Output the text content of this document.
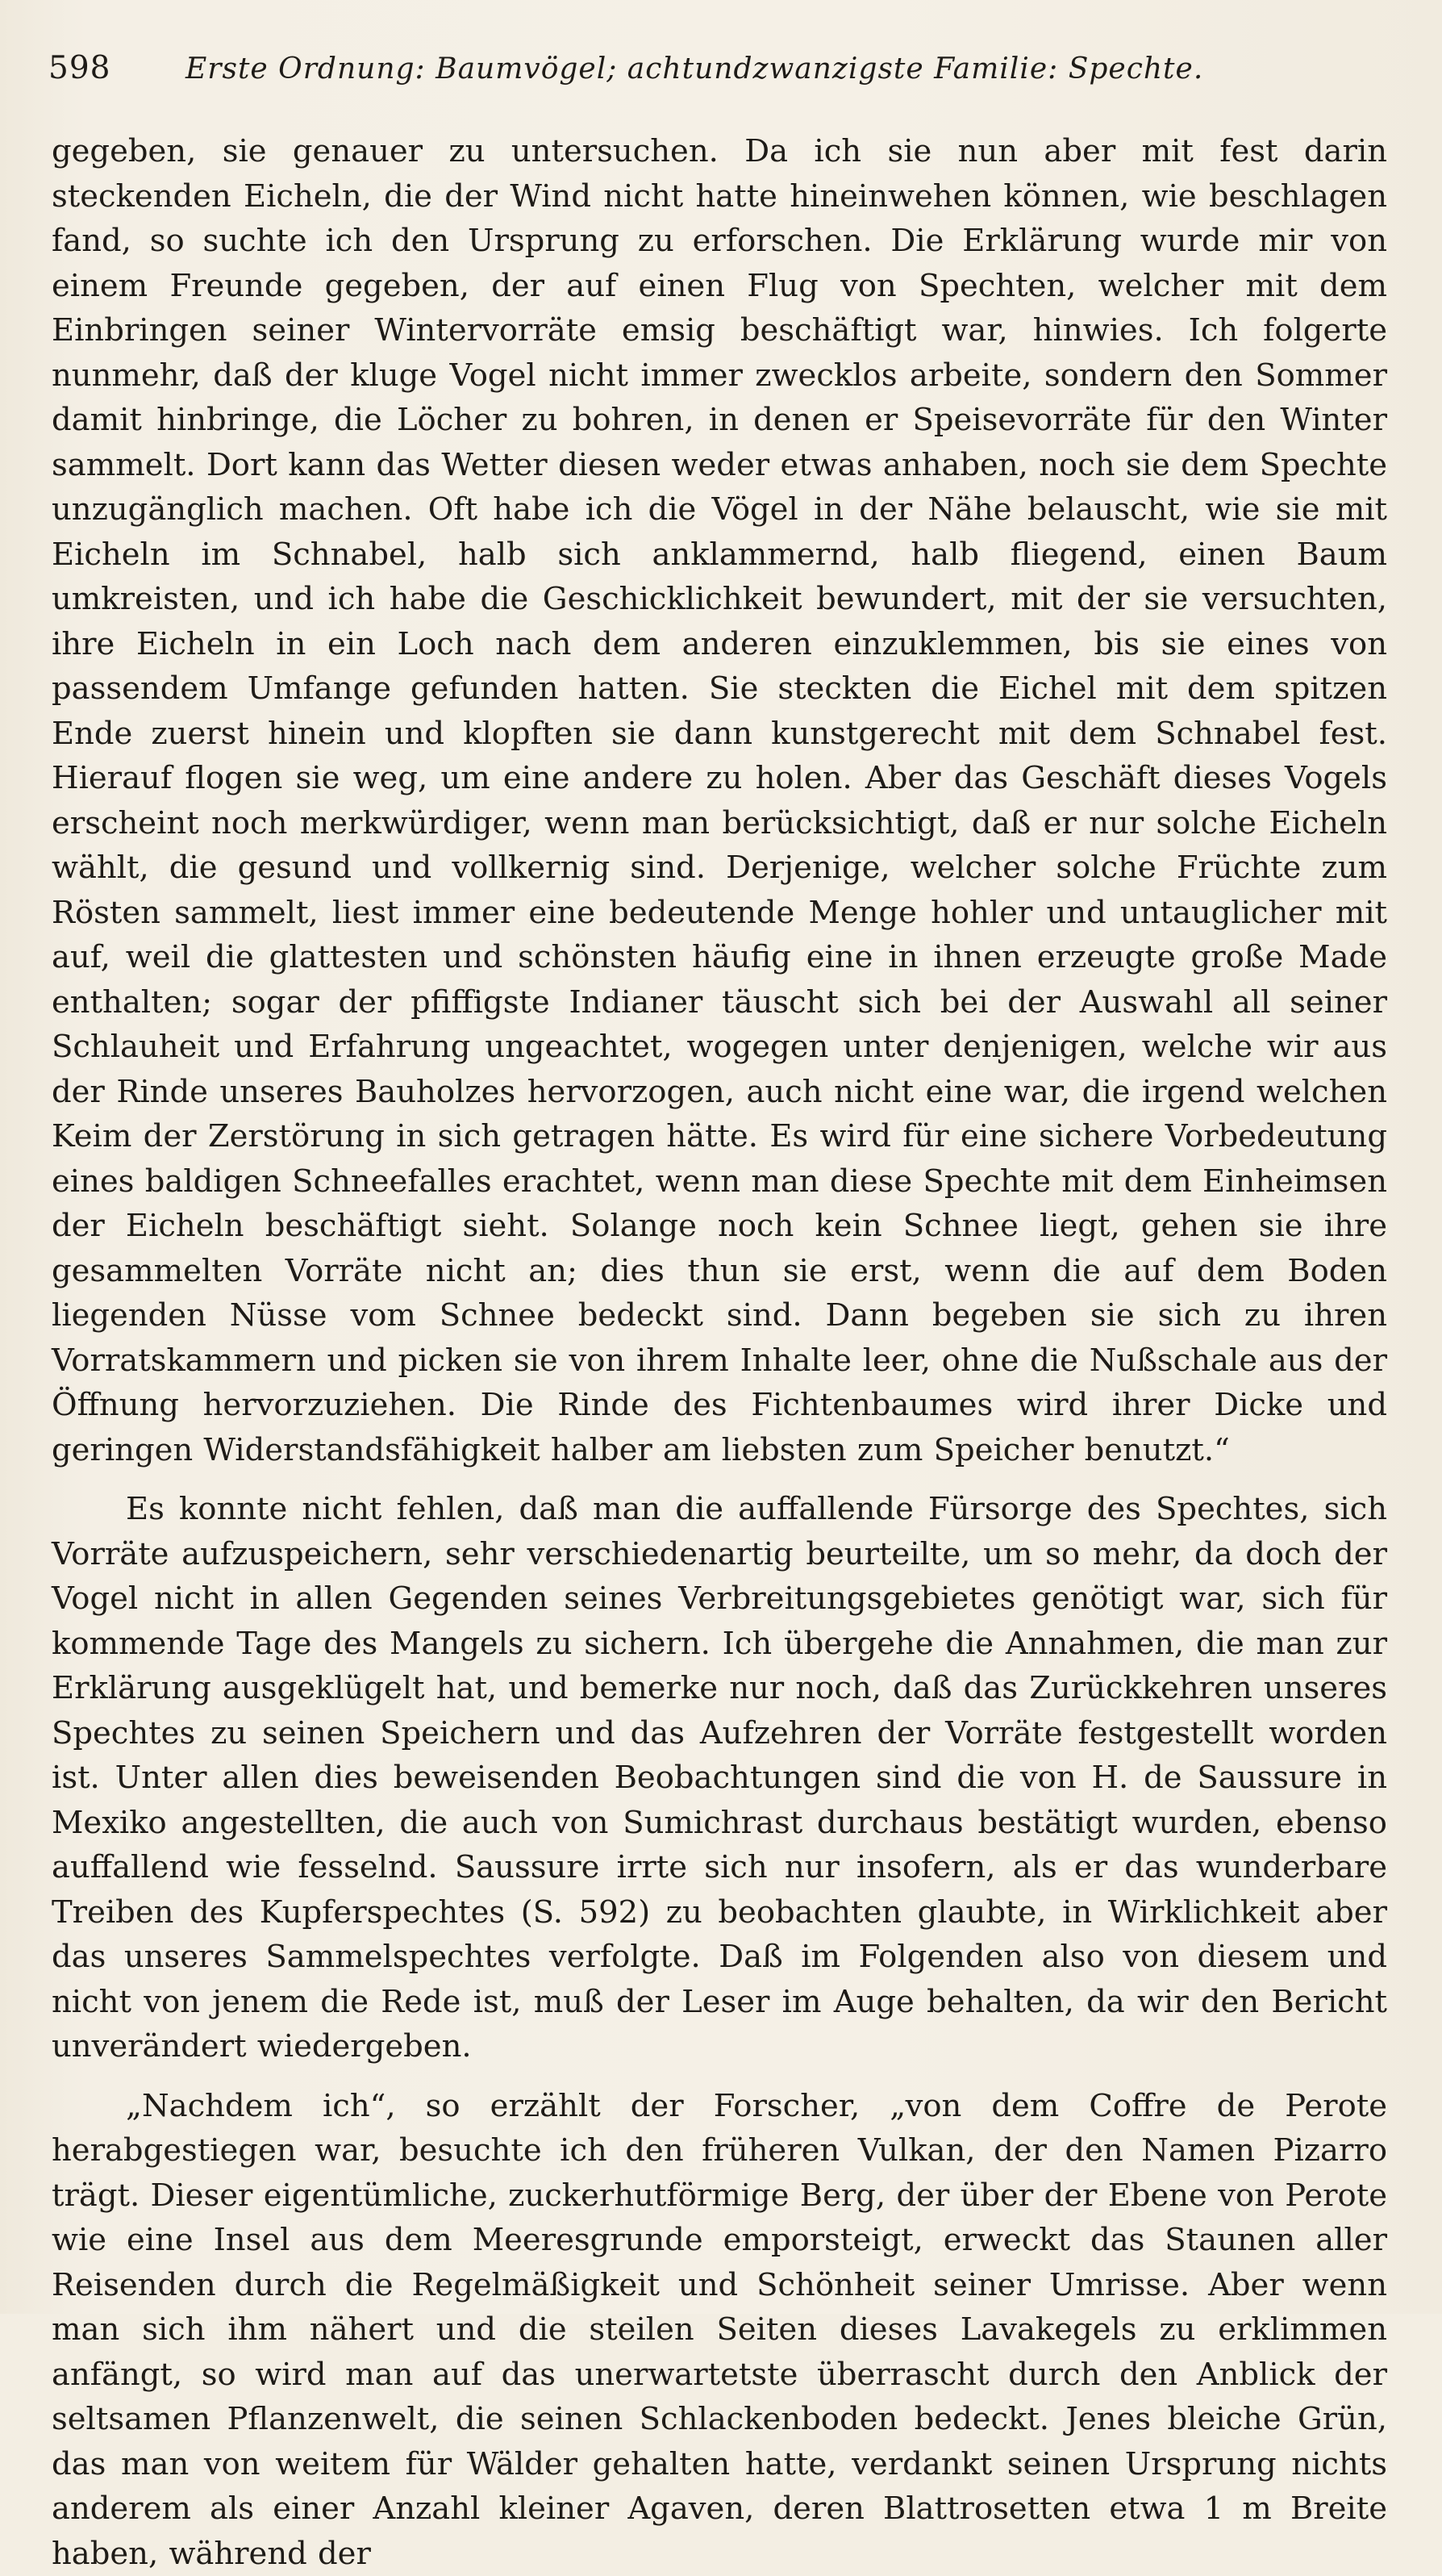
598	Erste Ordnung: Baumvögel; achtundzwanzigste Familie: Spechte.

gegeben, sie genauer zu untersuchen. Da ich sie nun aber mit fest darin steckenden Eicheln, die der Wind nicht hatte hineinwehen können, wie beschlagen fand, so suchte ich den Ursprung zu erforschen. Die Erklärung wurde mir von einem Freunde gegeben, der auf einen Flug von Spechten, welcher mit dem Einbringen seiner Wintervorräte emsig beschäftigt war, hinwies. Ich folgerte nunmehr, daß der kluge Vogel nicht immer zwecklos arbeite, sondern den Sommer damit hinbringe, die Löcher zu bohren, in denen er Speisevorräte für den Winter sammelt. Dort kann das Wetter diesen weder etwas anhaben, noch sie dem Spechte unzugänglich machen. Oft habe ich die Vögel in der Nähe belauscht, wie sie mit Eicheln im Schnabel, halb sich anklammernd, halb fliegend, einen Baum umkreisten, und ich habe die Geschicklichkeit bewundert, mit der sie versuchten, ihre Eicheln in ein Loch nach dem anderen einzuklemmen, bis sie eines von passendem Umfange gefunden hatten. Sie steckten die Eichel mit dem spitzen Ende zuerst hinein und klopften sie dann kunstgerecht mit dem Schnabel fest. Hierauf flogen sie weg, um eine andere zu holen. Aber das Geschäft dieses Vogels erscheint noch merkwürdiger, wenn man berücksichtigt, daß er nur solche Eicheln wählt, die gesund und vollkernig sind. Derjenige, welcher solche Früchte zum Rösten sammelt, liest immer eine bedeutende Menge hohler und untauglicher mit auf, weil die glattesten und schönsten häufig eine in ihnen erzeugte große Made enthalten; sogar der pfiffigste Indianer täuscht sich bei der Auswahl all seiner Schlauheit und Erfahrung ungeachtet, wogegen unter denjenigen, welche wir aus der Rinde unseres Bauholzes hervorzogen, auch nicht eine war, die irgend welchen Keim der Zerstörung in sich getragen hätte. Es wird für eine sichere Vorbedeutung eines baldigen Schneefalles erachtet, wenn man diese Spechte mit dem Einheimsen der Eicheln beschäftigt sieht. Solange noch kein Schnee liegt, gehen sie ihre gesammelten Vorräte nicht an; dies thun sie erst, wenn die auf dem Boden liegenden Nüsse vom Schnee bedeckt sind. Dann begeben sie sich zu ihren Vorratskammern und picken sie von ihrem Inhalte leer, ohne die Nußschale aus der Öffnung hervorzuziehen. Die Rinde des Fichtenbaumes wird ihrer Dicke und geringen Widerstandsfähigkeit halber am liebsten zum Speicher benutzt.“

Es konnte nicht fehlen, daß man die auffallende Fürsorge des Spechtes, sich Vorräte aufzuspeichern, sehr verschiedenartig beurteilte, um so mehr, da doch der Vogel nicht in allen Gegenden seines Verbreitungsgebietes genötigt war, sich für kommende Tage des Mangels zu sichern. Ich übergehe die Annahmen, die man zur Erklärung ausgeklügelt hat, und bemerke nur noch, daß das Zurückkehren unseres Spechtes zu seinen Speichern und das Aufzehren der Vorräte festgestellt worden ist. Unter allen dies beweisenden Beobachtungen sind die von H. de Saussure in Mexiko angestellten, die auch von Sumichrast durchaus bestätigt wurden, ebenso auffallend wie fesselnd. Saussure irrte sich nur insofern, als er das wunderbare Treiben des Kupferspechtes (S. 592) zu beobachten glaubte, in Wirklichkeit aber das unseres Sammelspechtes verfolgte. Daß im Folgenden also von diesem und nicht von jenem die Rede ist, muß der Leser im Auge behalten, da wir den Bericht unverändert wiedergeben.

„Nachdem ich“, so erzählt der Forscher, „von dem Coffre de Perote herabgestiegen war, besuchte ich den früheren Vulkan, der den Namen Pizarro trägt. Dieser eigentümliche, zuckerhutförmige Berg, der über der Ebene von Perote wie eine Insel aus dem Meeresgrunde emporsteigt, erweckt das Staunen aller Reisenden durch die Regelmäßigkeit und Schönheit seiner Umrisse. Aber wenn man sich ihm nähert und die steilen Seiten dieses Lavakegels zu erklimmen anfängt, so wird man auf das unerwartetste überrascht durch den Anblick der seltsamen Pflanzenwelt, die seinen Schlackenboden bedeckt. Jenes bleiche Grün, das man von weitem für Wälder gehalten hatte, verdankt seinen Ursprung nichts anderem als einer Anzahl kleiner Agaven, deren Blattrosetten etwa 1 m Breite haben, während der
